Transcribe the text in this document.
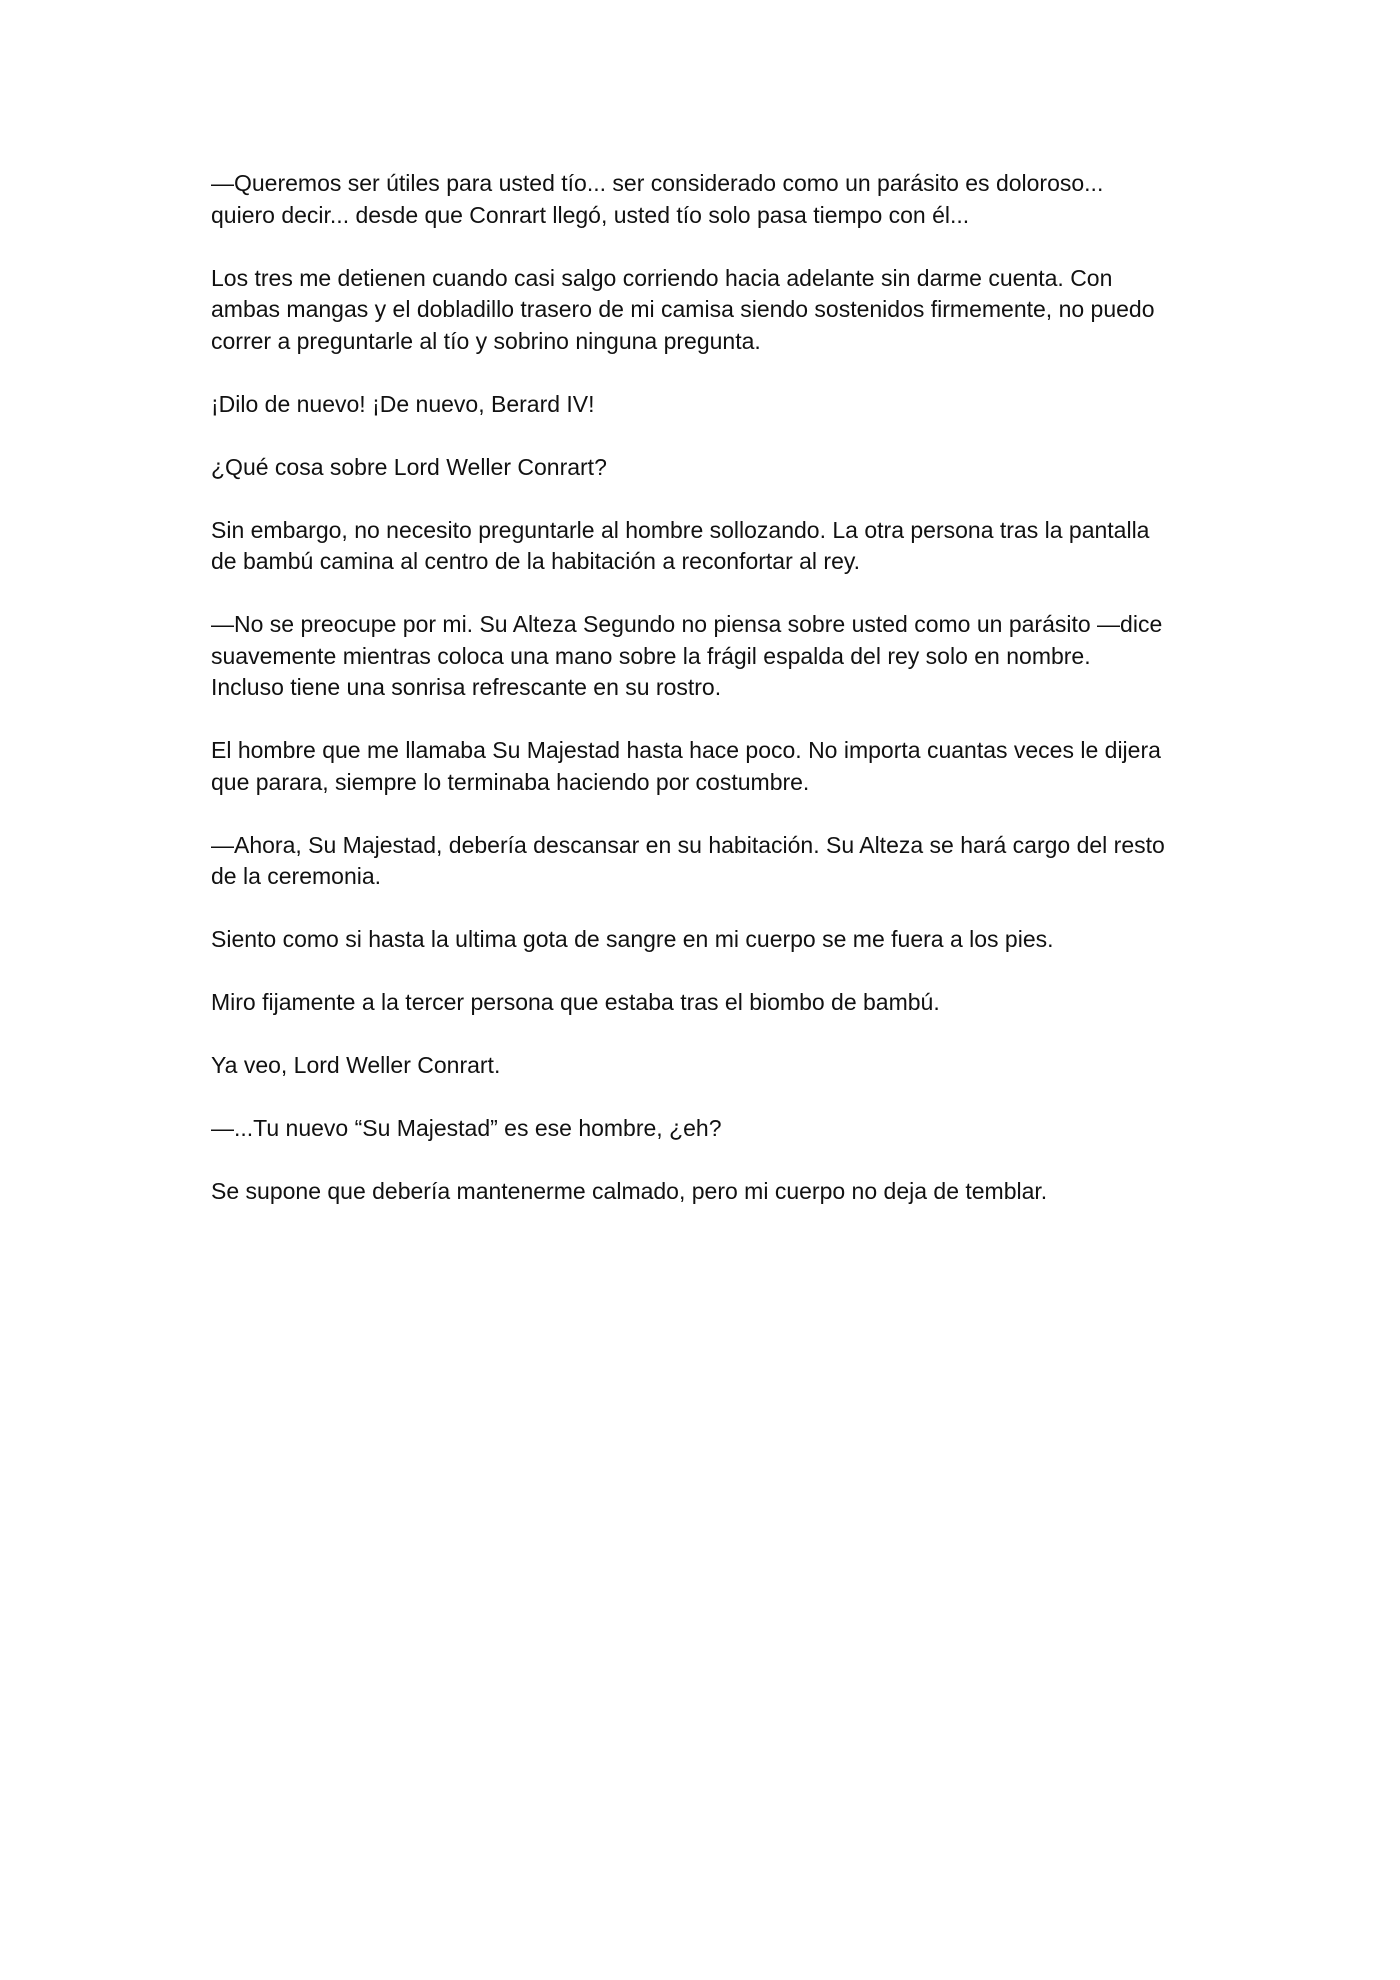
—Queremos ser útiles para usted tío... ser considerado como un parásito es doloroso...
quiero decir... desde que Conrart llegó, usted tío solo pasa tiempo con él...

Los tres me detienen cuando casi salgo corriendo hacia adelante sin darme cuenta. Con
ambas mangas y el dobladillo trasero de mi camisa siendo sostenidos firmemente, no puedo
correr a preguntarle al tío y sobrino ninguna pregunta.

¡Dilo de nuevo! ¡De nuevo, Berard IV!

¿Qué cosa sobre Lord Weller Conrart?

Sin embargo, no necesito preguntarle al hombre sollozando. La otra persona tras la pantalla
de bambú camina al centro de la habitación a reconfortar al rey.

—No se preocupe por mi. Su Alteza Segundo no piensa sobre usted como un parásito —dice
suavemente mientras coloca una mano sobre la frágil espalda del rey solo en nombre.
Incluso tiene una sonrisa refrescante en su rostro.

El hombre que me llamaba Su Majestad hasta hace poco. No importa cuantas veces le dijera
que parara, siempre lo terminaba haciendo por costumbre.

—Ahora, Su Majestad, debería descansar en su habitación. Su Alteza se hará cargo del resto
de la ceremonia.

Siento como si hasta la ultima gota de sangre en mi cuerpo se me fuera a los pies.

Miro fijamente a la tercer persona que estaba tras el biombo de bambú.

Ya veo, Lord Weller Conrart.

—...Tu nuevo “Su Majestad” es ese hombre, ¿eh?

Se supone que debería mantenerme calmado, pero mi cuerpo no deja de temblar.
